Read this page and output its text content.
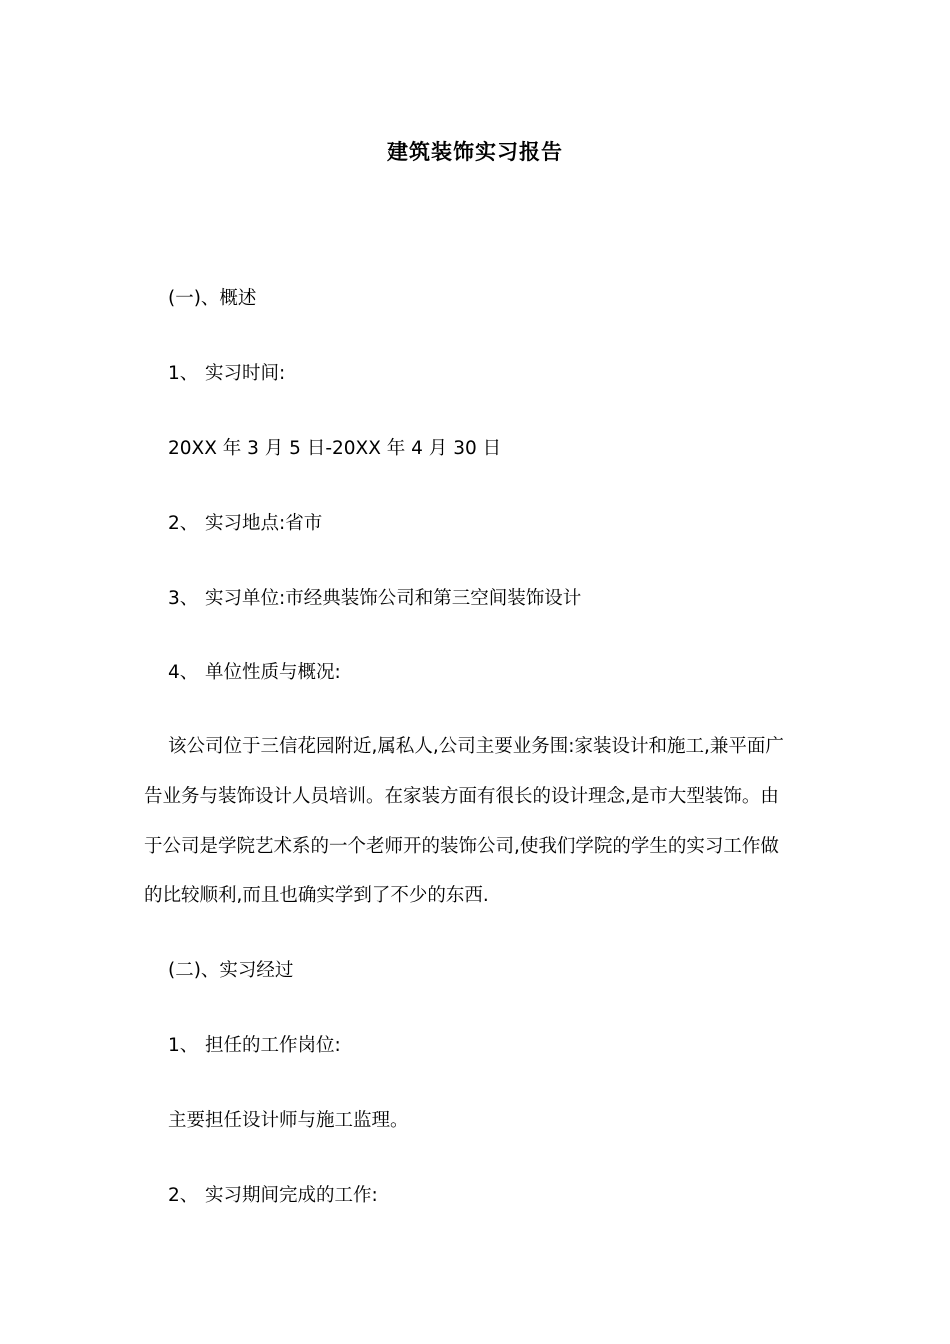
建筑装饰实习报告
(一)、概述
1、 实习时间:
20XX 年 3 月 5 日-20XX 年 4 月 30 日
2、 实习地点:省市
3、 实习单位:市经典装饰公司和第三空间装饰设计
4、 单位性质与概况:
该公司位于三信花园附近,属私人,公司主要业务围:家装设计和施工,兼平面广
告业务与装饰设计人员培训。在家装方面有很长的设计理念,是市大型装饰。由
于公司是学院艺术系的一个老师开的装饰公司,使我们学院的学生的实习工作做
的比较顺利,而且也确实学到了不少的东西.
(二)、实习经过
1、 担任的工作岗位:
主要担任设计师与施工监理。
2、 实习期间完成的工作:
